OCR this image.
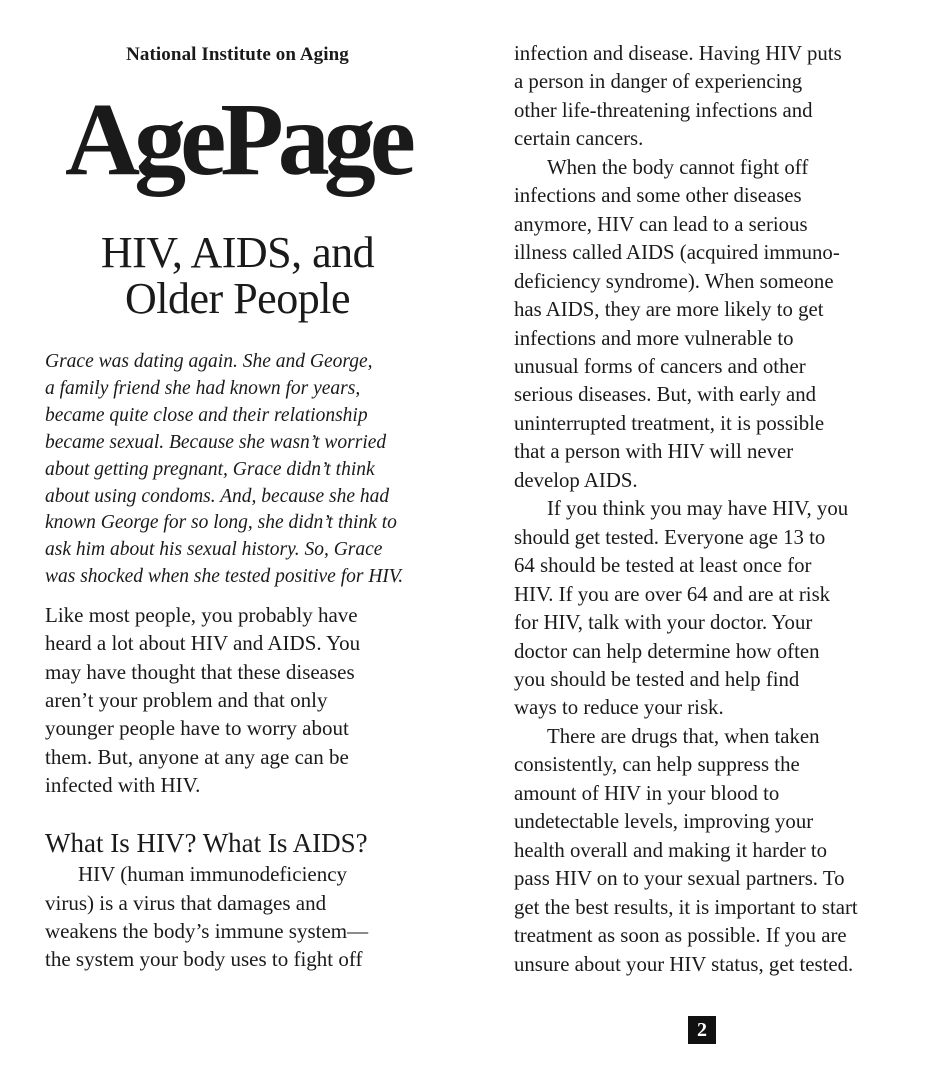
National Institute on Aging
AgePage
HIV, AIDS, and
Older People
Grace was dating again. She and George,
a family friend she had known for years,
became quite close and their relationship
became sexual. Because she wasn’t worried
about getting pregnant, Grace didn’t think
about using condoms. And, because she had
known George for so long, she didn’t think to
ask him about his sexual history. So, Grace
was shocked when she tested positive for HIV.
Like most people, you probably have
heard a lot about HIV and AIDS. You
may have thought that these diseases
aren’t your problem and that only
younger people have to worry about
them. But, anyone at any age can be
infected with HIV.
What Is HIV? What Is AIDS?
HIV (human immunodeficiency
virus) is a virus that damages and
weakens the body’s immune system—
the system your body uses to fight off
infection and disease. Having HIV puts
a person in danger of experiencing
other life-threatening infections and
certain cancers.
When the body cannot fight off
infections and some other diseases
anymore, HIV can lead to a serious
illness called AIDS (acquired immuno-
deficiency syndrome). When someone
has AIDS, they are more likely to get
infections and more vulnerable to
unusual forms of cancers and other
serious diseases. But, with early and
uninterrupted treatment, it is possible
that a person with HIV will never
develop AIDS.
If you think you may have HIV, you
should get tested. Everyone age 13 to
64 should be tested at least once for
HIV. If you are over 64 and are at risk
for HIV, talk with your doctor. Your
doctor can help determine how often
you should be tested and help find
ways to reduce your risk.
There are drugs that, when taken
consistently, can help suppress the
amount of HIV in your blood to
undetectable levels, improving your
health overall and making it harder to
pass HIV on to your sexual partners. To
get the best results, it is important to start
treatment as soon as possible. If you are
unsure about your HIV status, get tested.
2
